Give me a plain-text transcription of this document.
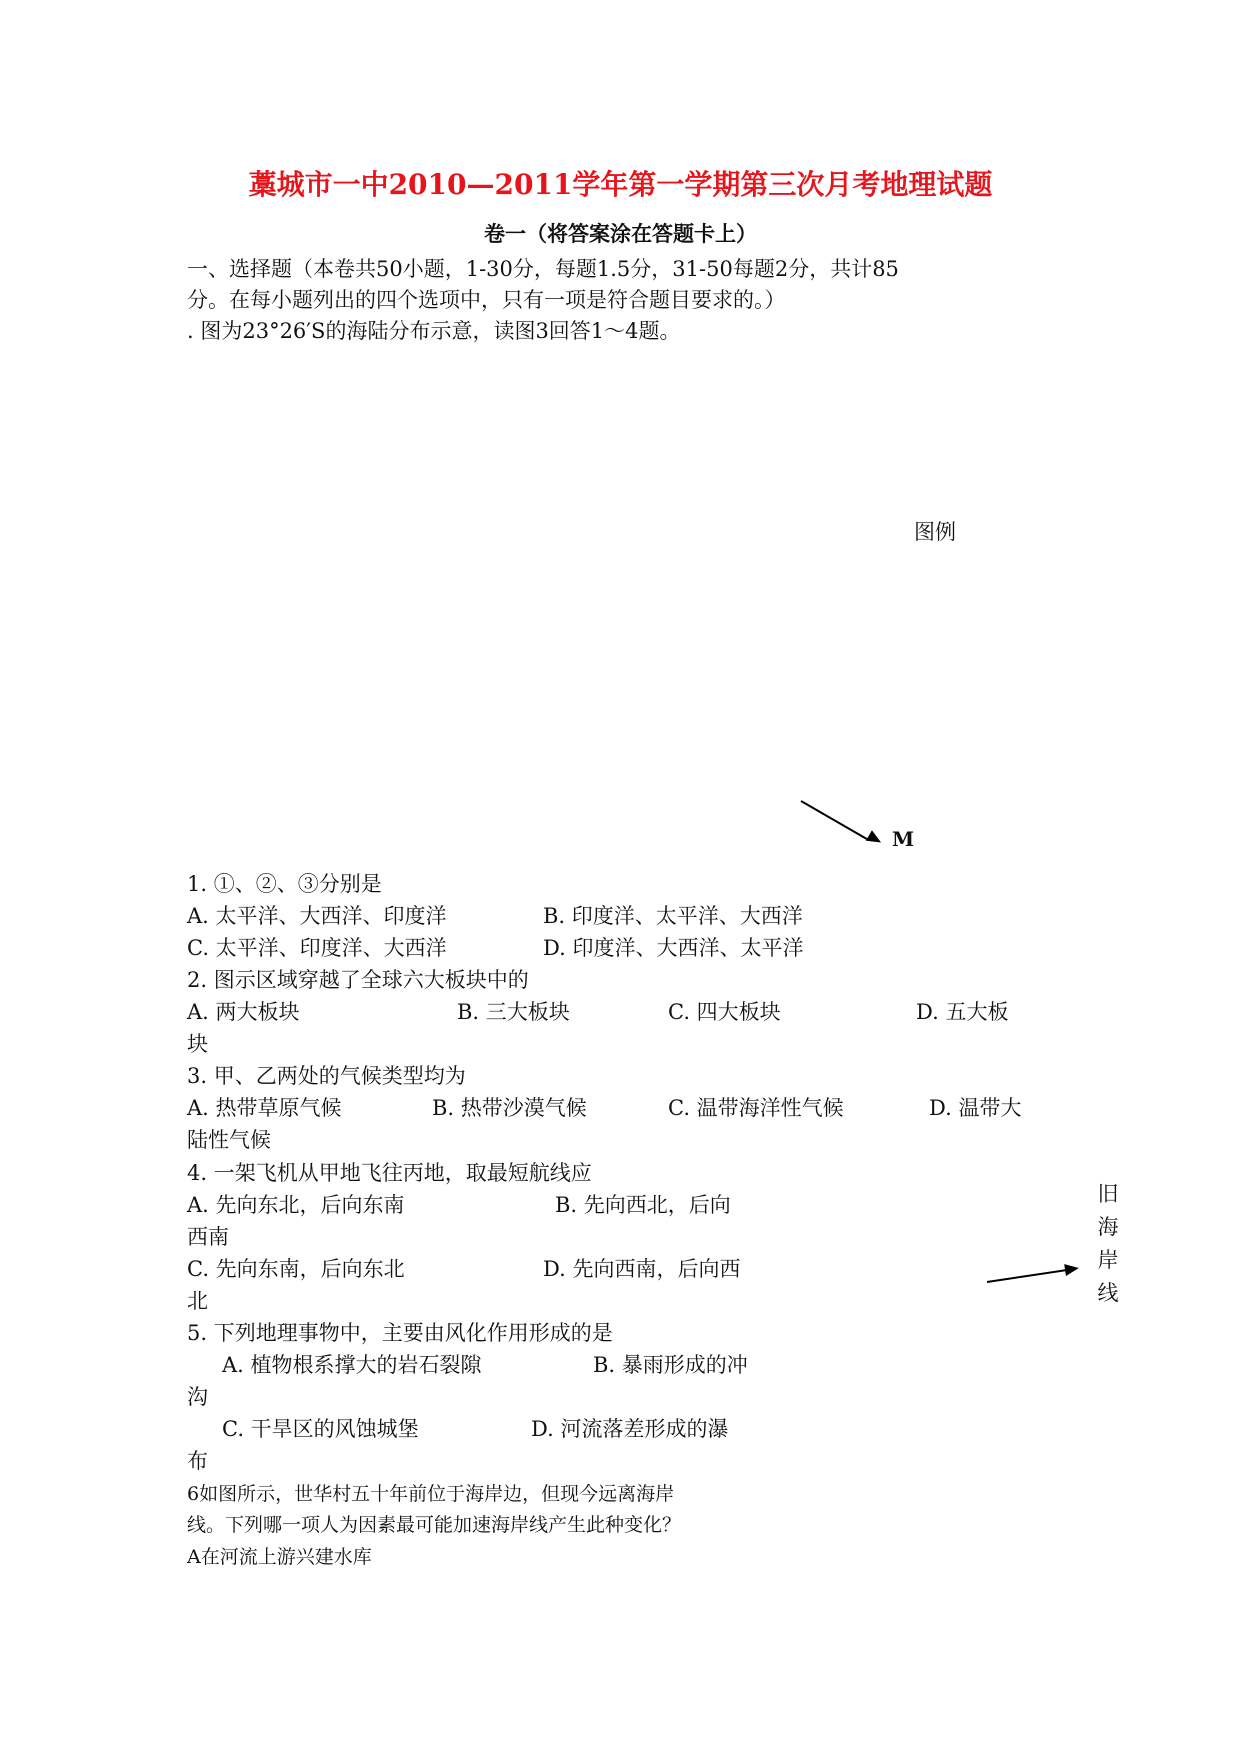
藁城市一中2010—2011学年第一学期第三次月考地理试题
卷一（将答案涂在答题卡上）
一、选择题（本卷共50小题，1-30分，每题1.5分，31-50每题2分，共计85
分。在每小题列出的四个选项中，只有一项是符合题目要求的。）
. 图为23°26′S的海陆分布示意，读图3回答1～4题。
图例
M
1. ①、②、③分别是
A. 太平洋、大西洋、印度洋	B. 印度洋、太平洋、大西洋
C. 太平洋、印度洋、大西洋	D. 印度洋、大西洋、太平洋
2. 图示区域穿越了全球六大板块中的
A. 两大板块	B. 三大板块	C. 四大板块	D. 五大板
块
3. 甲、乙两处的气候类型均为
A. 热带草原气候	B. 热带沙漠气候	C. 温带海洋性气候	D. 温带大
陆性气候
4. 一架飞机从甲地飞往丙地，取最短航线应
A. 先向东北，后向东南	B. 先向西北，后向
西南
C. 先向东南，后向东北	D. 先向西南，后向西
北
5. 下列地理事物中，主要由风化作用形成的是
A. 植物根系撑大的岩石裂隙	B. 暴雨形成的冲
沟
C. 干旱区的风蚀城堡	D. 河流落差形成的瀑
布
6如图所示，世华村五十年前位于海岸边，但现今远离海岸
线。下列哪一项人为因素最可能加速海岸线产生此种变化？
A在河流上游兴建水库
旧
海
岸
线
